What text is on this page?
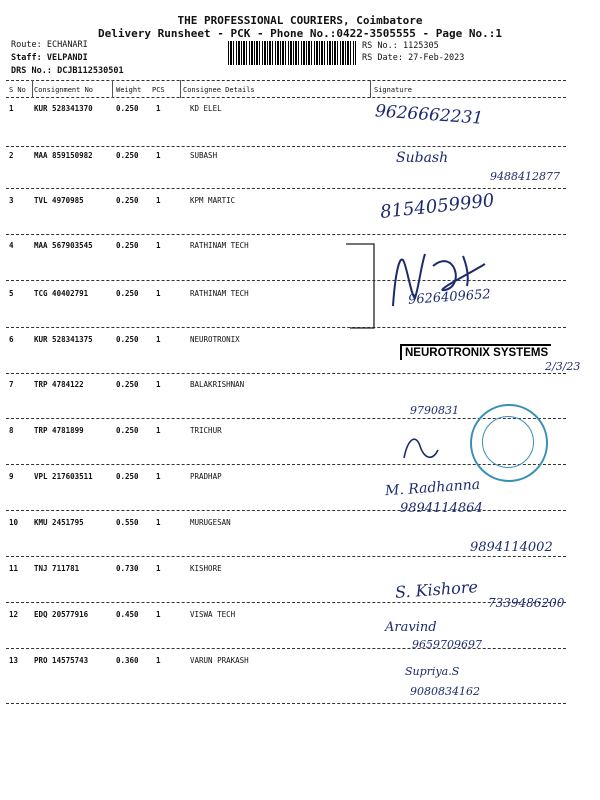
THE PROFESSIONAL COURIERS, Coimbatore
Delivery Runsheet - PCK - Phone No.:0422-3505555 - Page No.:1
Route: ECHANARI
Staff: VELPANDI
DRS No.: DCJB112530501
RS No.: 1125305
RS Date: 27-Feb-2023
S No Consignment No	Weight PCS	Consignee Details	Signature
1	KUR 528341370	0.250 1	KD ELEL
2	MAA 859150982	0.250 1	SUBASH
3	TVL 4970985	0.250 1	KPM MARTIC
4	MAA 567903545	0.250 1	RATHINAM TECH
5	TCG 40402791	0.250 1	RATHINAM TECH
6	KUR 528341375	0.250 1	NEUROTRONIX
7	TRP 4784122	0.250 1	BALAKRISHNAN
8	TRP 4781899	0.250 1	TRICHUR
9	VPL 217603511	0.250 1	PRADHAP
10 KMU 2451795	0.550 1	MURUGESAN
11 TNJ 711781	0.730 1	KISHORE
12 EDQ 20577916	0.450 1	VISWA TECH
13 PRO 14575743	0.360 1	VARUN PRAKASH
9626662231
Subash
9488412877
8154059990
9626409652
NEUROTRONIX SYSTEMS
2/3/23
9790831
M. Radhanna
9894114864
9894114002
S. Kishore
7339486200
Aravind
9659709697
Supriya.S
9080834162
